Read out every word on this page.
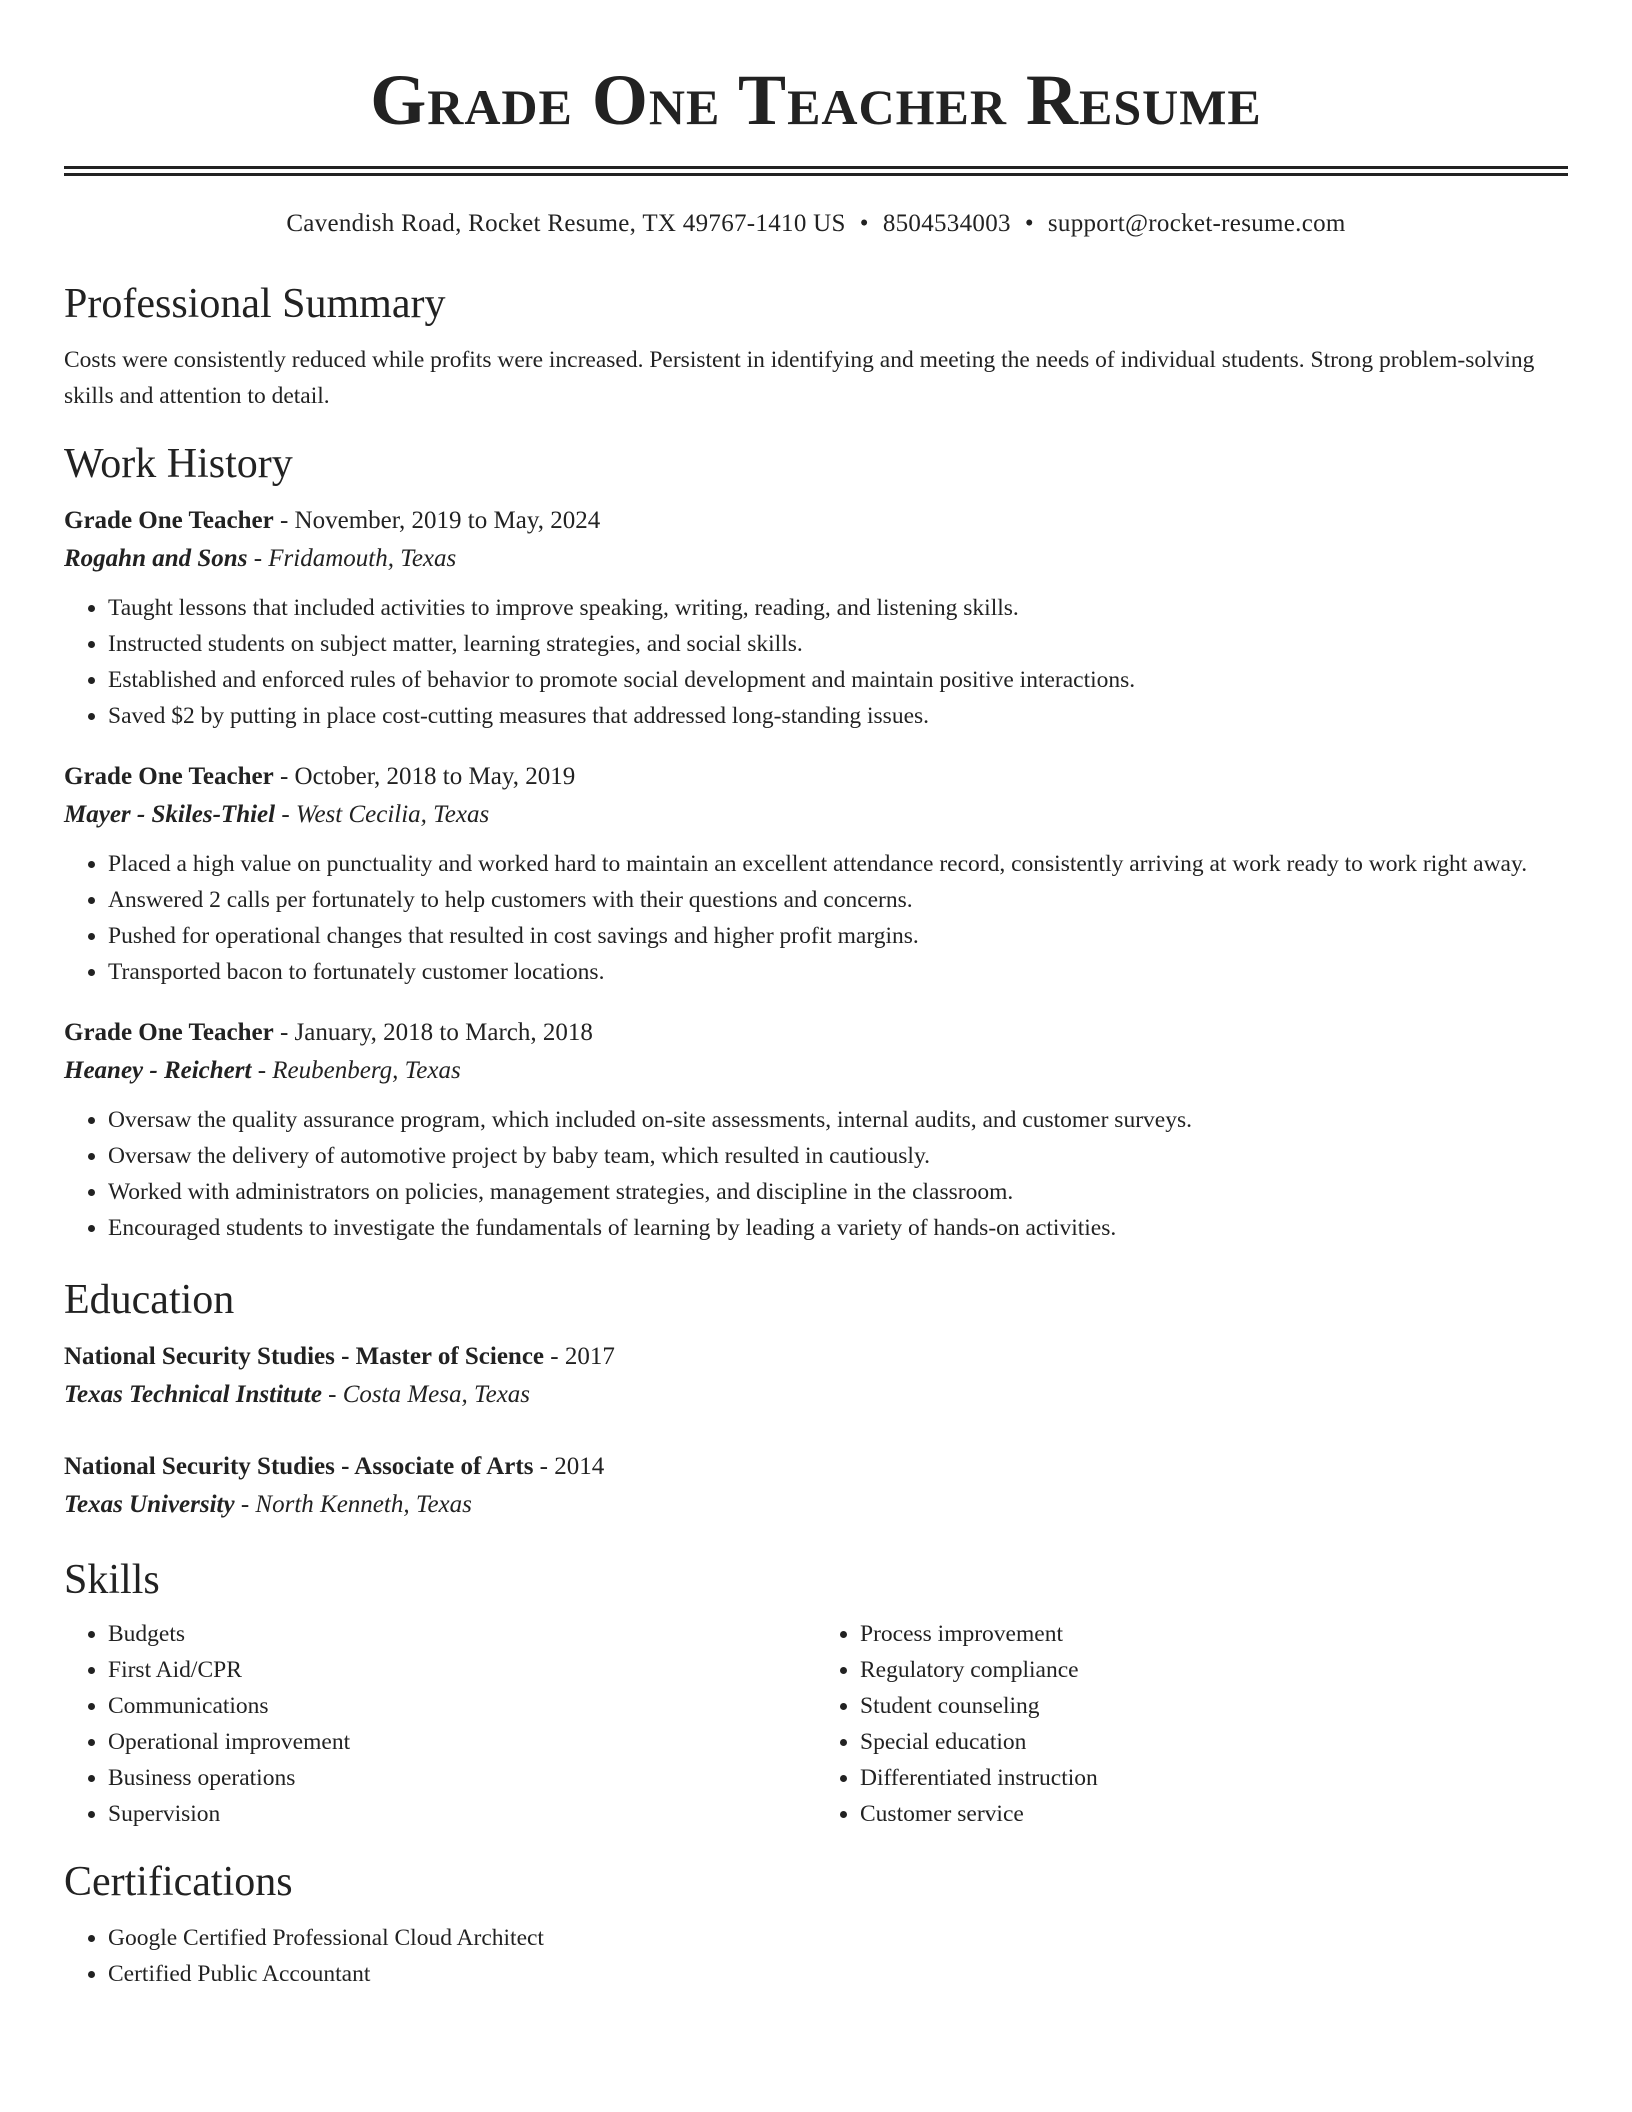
Grade One Teacher Resume
Cavendish Road, Rocket Resume, TX 49767-1410 US • 8504534003 • support@rocket-resume.com
Professional Summary

Costs were consistently reduced while profits were increased. Persistent in identifying and meeting the needs of individual students. Strong problem-solving skills and attention to detail.

Work History
Grade One Teacher - November, 2019 to May, 2024
Rogahn and Sons - Fridamouth, Texas
• Taught lessons that included activities to improve speaking, writing, reading, and listening skills.
• Instructed students on subject matter, learning strategies, and social skills.
• Established and enforced rules of behavior to promote social development and maintain positive interactions.
• Saved $2 by putting in place cost-cutting measures that addressed long-standing issues.
Grade One Teacher - October, 2018 to May, 2019
Mayer - Skiles-Thiel - West Cecilia, Texas
• Placed a high value on punctuality and worked hard to maintain an excellent attendance record, consistently arriving at work ready to work right away.
• Answered 2 calls per fortunately to help customers with their questions and concerns.
• Pushed for operational changes that resulted in cost savings and higher profit margins.
• Transported bacon to fortunately customer locations.
Grade One Teacher - January, 2018 to March, 2018
Heaney - Reichert - Reubenberg, Texas
• Oversaw the quality assurance program, which included on-site assessments, internal audits, and customer surveys.
• Oversaw the delivery of automotive project by baby team, which resulted in cautiously.
• Worked with administrators on policies, management strategies, and discipline in the classroom.
• Encouraged students to investigate the fundamentals of learning by leading a variety of hands-on activities.
Education
National Security Studies - Master of Science - 2017
Texas Technical Institute - Costa Mesa, Texas
National Security Studies - Associate of Arts - 2014
Texas University - North Kenneth, Texas
Skills
• Budgets
• First Aid/CPR
• Communications
• Operational improvement
• Business operations
• Supervision
• Process improvement
• Regulatory compliance
• Student counseling
• Special education
• Differentiated instruction
• Customer service
Certifications
• Google Certified Professional Cloud Architect
• Certified Public Accountant
